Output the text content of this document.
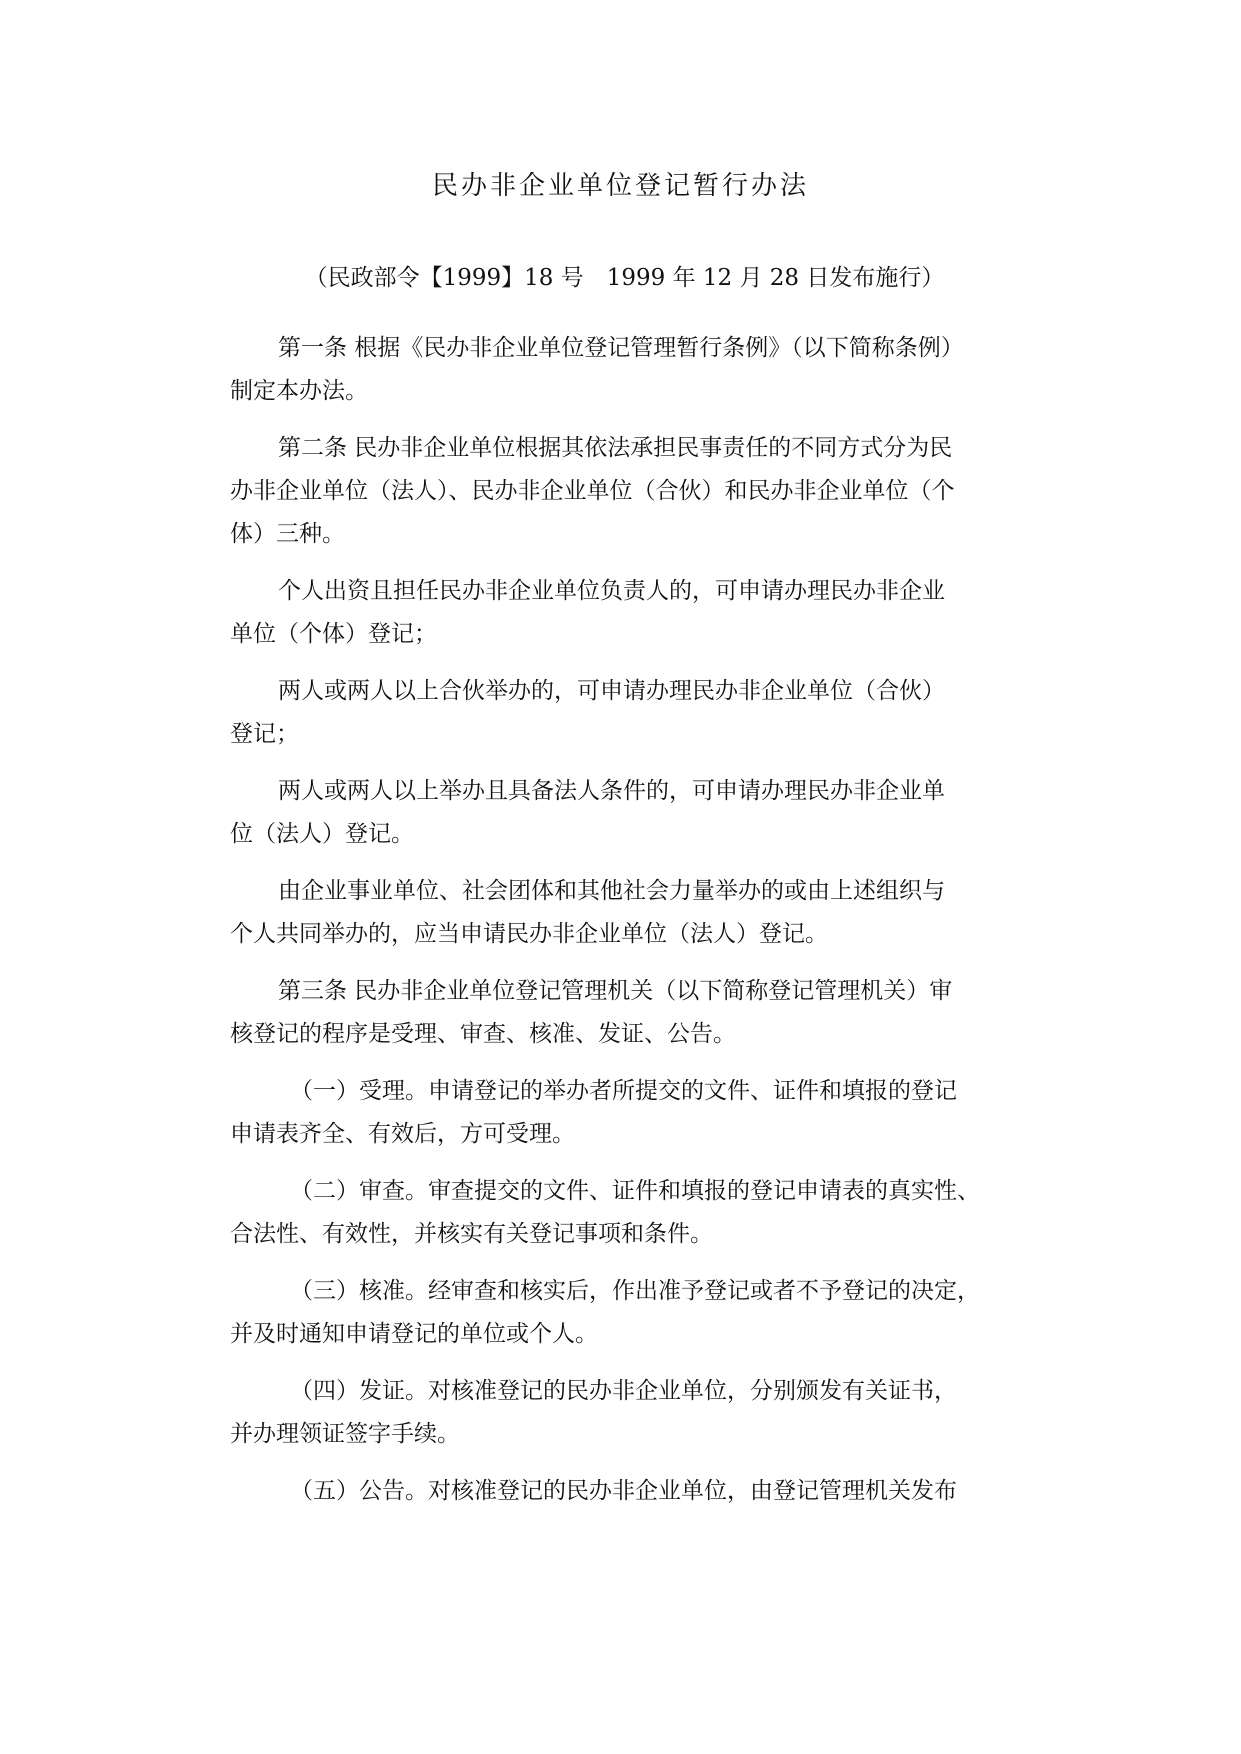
民办非企业单位登记暂行办法

（民政部令【1999】18 号　1999 年 12 月 28 日发布施行）

第一条 根据《民办非企业单位登记管理暂行条例》（以下简称条例）
制定本办法。
第二条 民办非企业单位根据其依法承担民事责任的不同方式分为民
办非企业单位（法人）、民办非企业单位（合伙）和民办非企业单位（个
体）三种。
个人出资且担任民办非企业单位负责人的，可申请办理民办非企业
单位（个体）登记；
两人或两人以上合伙举办的，可申请办理民办非企业单位（合伙）
登记；
两人或两人以上举办且具备法人条件的，可申请办理民办非企业单
位（法人）登记。
由企业事业单位、社会团体和其他社会力量举办的或由上述组织与
个人共同举办的，应当申请民办非企业单位（法人）登记。
第三条 民办非企业单位登记管理机关（以下简称登记管理机关）审
核登记的程序是受理、审查、核准、发证、公告。
（一）受理。申请登记的举办者所提交的文件、证件和填报的登记
申请表齐全、有效后，方可受理。
（二）审查。审查提交的文件、证件和填报的登记申请表的真实性、
合法性、有效性，并核实有关登记事项和条件。
（三）核准。经审查和核实后，作出准予登记或者不予登记的决定，
并及时通知申请登记的单位或个人。
（四）发证。对核准登记的民办非企业单位，分别颁发有关证书，
并办理领证签字手续。
（五）公告。对核准登记的民办非企业单位，由登记管理机关发布
